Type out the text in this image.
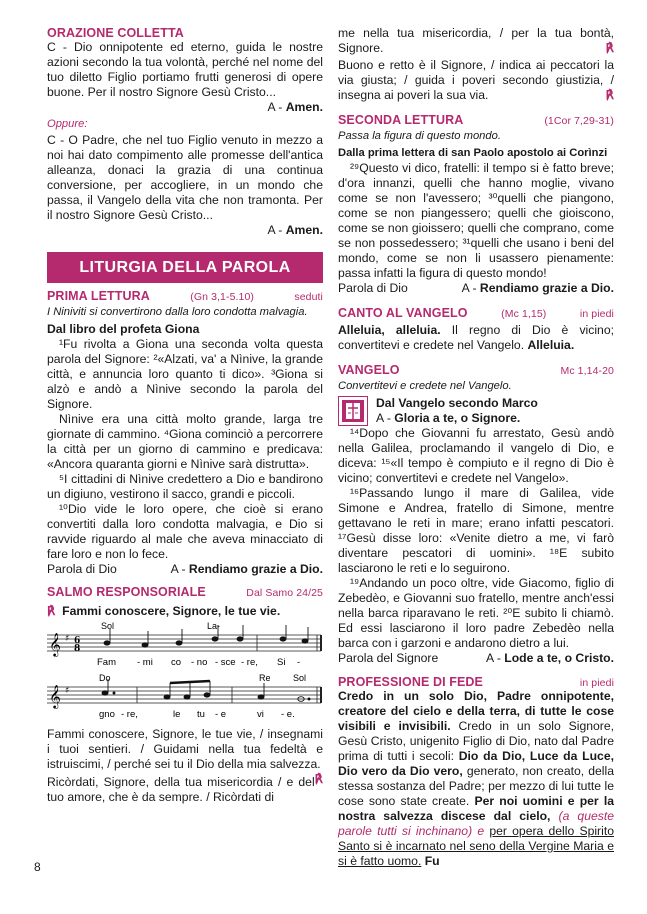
ORAZIONE COLLETTA

C - Dio onnipotente ed eterno, guida le nostre azioni secondo la tua volontà, perché nel nome del tuo diletto Figlio portiamo frutti generosi di opere buone. Per il nostro Signore Gesù Cristo...

A - Amen.

Oppure:

C - O Padre, che nel tuo Figlio venuto in mezzo a noi hai dato compimento alle promesse dell'antica alleanza, donaci la grazia di una continua conversione, per accogliere, in un mondo che passa, il Vangelo della vita che non tramonta. Per il nostro Signore Gesù Cristo...

A - Amen.
LITURGIA DELLA PAROLA

PRIMA LETTURA	(Gn 3,1-5.10)	seduti

I Niniviti si convertirono dalla loro condotta malvagia.

Dal libro del profeta Giona

¹Fu rivolta a Giona una seconda volta questa parola del Signore: ²«Alzati, va' a Nìnive, la grande città, e annuncia loro quanto ti dico». ³Giona si alzò e andò a Nìnive secondo la parola del Signore.

Nìnive era una città molto grande, larga tre giornate di cammino. ⁴Giona cominciò a percorrere la città per un giorno di cammino e predicava: «Ancora quaranta giorni e Nìnive sarà distrutta».

⁵I cittadini di Nìnive credettero a Dio e bandirono un digiuno, vestirono il sacco, grandi e piccoli.

¹⁰Dio vide le loro opere, che cioè si erano convertiti dalla loro condotta malvagia, e Dio si ravvide riguardo al male che aveva minacciato di fare loro e non lo fece.

Parola di Dio	A - Rendiamo grazie a Dio.

SALMO RESPONSORIALE	Dal Samo 24/25

℟ Fammi conoscere, Signore, le tue vie.

𝄞 ♯ 6
8
Sol	La-
Fam - mi co - no - sce - re, Si -
𝄞 ♯
Do	Re Sol
gno - re,	le tu - e	vi - e.

Fammi conoscere, Signore, le tue vie, / insegnami i tuoi sentieri. / Guidami nella tua fedeltà e istruiscimi, / perché sei tu il Dio della mia salvezza.
℟

Ricòrdati, Signore, della tua misericordia / e del tuo amore, che è da sempre. / Ricòrdati di

me nella tua misericordia, / per la tua bontà, Signore.	℟

Buono e retto è il Signore, / indica ai peccatori la via giusta; / guida i poveri secondo giustizia, / insegna ai poveri la sua via.	℟

SECONDA LETTURA	(1Cor 7,29-31)

Passa la figura di questo mondo.

Dalla prima lettera di san Paolo apostolo ai Corìnzi

²⁹Questo vi dico, fratelli: il tempo si è fatto breve; d'ora innanzi, quelli che hanno moglie, vivano come se non l'avessero; ³⁰quelli che piangono, come se non piangessero; quelli che gioiscono, come se non gioissero; quelli che comprano, come se non possedessero; ³¹quelli che usano i beni del mondo, come se non li usassero pienamente: passa infatti la figura di questo mondo!

Parola di Dio	A - Rendiamo grazie a Dio.

CANTO AL VANGELO	(Mc 1,15)	in piedi

Alleluia, alleluia. Il regno di Dio è vicino; convertitevi e credete nel Vangelo. Alleluia.

VANGELO	Mc 1,14-20

Convertitevi e credete nel Vangelo.

Dal Vangelo secondo Marco

A - Gloria a te, o Signore.

¹⁴Dopo che Giovanni fu arrestato, Gesù andò nella Galilea, proclamando il vangelo di Dio, e diceva: ¹⁵«Il tempo è compiuto e il regno di Dio è vicino; convertitevi e credete nel Vangelo».

¹⁶Passando lungo il mare di Galilea, vide Simone e Andrea, fratello di Simone, mentre gettavano le reti in mare; erano infatti pescatori. ¹⁷Gesù disse loro: «Venite dietro a me, vi farò diventare pescatori di uomini». ¹⁸E subito lasciarono le reti e lo seguirono.

¹⁹Andando un poco oltre, vide Giacomo, figlio di Zebedèo, e Giovanni suo fratello, mentre anch'essi nella barca riparavano le reti. ²⁰E subito li chiamò. Ed essi lasciarono il loro padre Zebedèo nella barca con i garzoni e andarono dietro a lui.

Parola del Signore	A - Lode a te, o Cristo.

PROFESSIONE DI FEDE	in piedi

Credo in un solo Dio, Padre onnipotente, creatore del cielo e della terra, di tutte le cose visibili e invisibili. Credo in un solo Signore, Gesù Cristo, unigenito Figlio di Dio, nato dal Padre prima di tutti i secoli: Dio da Dio, Luce da Luce, Dio vero da Dio vero, generato, non creato, della stessa sostanza del Padre; per mezzo di lui tutte le cose sono state create. Per noi uomini e per la nostra salvezza discese dal cielo, (a queste parole tutti si inchinano) e per opera dello Spirito Santo si è incarnato nel seno della Vergine Maria e si è fatto uomo. Fu

8
